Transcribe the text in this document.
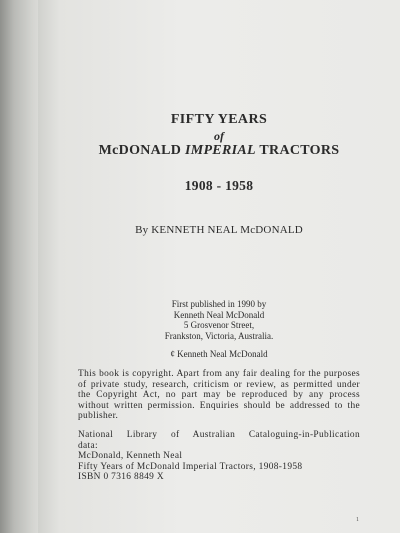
FIFTY YEARS
of
McDONALD IMPERIAL TRACTORS
1908 - 1958
By KENNETH NEAL McDONALD
First published in 1990 by
Kenneth Neal McDonald
5 Grosvenor Street,
Frankston, Victoria, Australia.
¢ Kenneth Neal McDonald
This book is copyright. Apart from any fair dealing for the purposes of private study, research, criticism or review, as permitted under the Copyright Act, no part may be reproduced by any process without written permission. Enquiries should be addressed to the publisher.
National Library of Australian Cataloguing-in-Publication
data:
McDonald, Kenneth Neal
Fifty Years of McDonald Imperial Tractors, 1908-1958
ISBN 0 7316 8849 X
1
